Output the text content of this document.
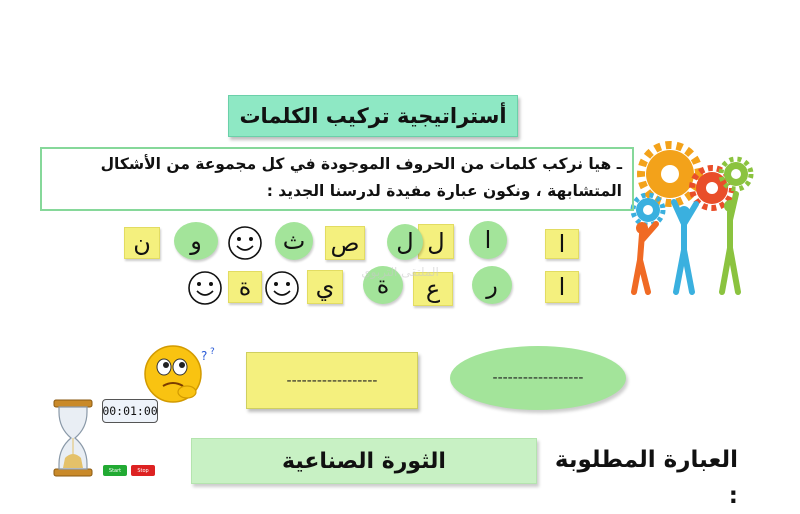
أستراتيجية تركيب الكلمات
ـ هيا نركب كلمات من الحروف الموجودة في كل مجموعة من الأشكال
المتشابهة ، ونكون عبارة مفيدة لدرسنا الجديد :
ا
ا
ل
ل
ص
ث
و
ن
ا
ر
ع
ة
ي
ة
الملتقى التربوي
? ?
------------------	------------------
00:01:00
Start	Stop	العبارة المطلوبة :
الثورة الصناعية
